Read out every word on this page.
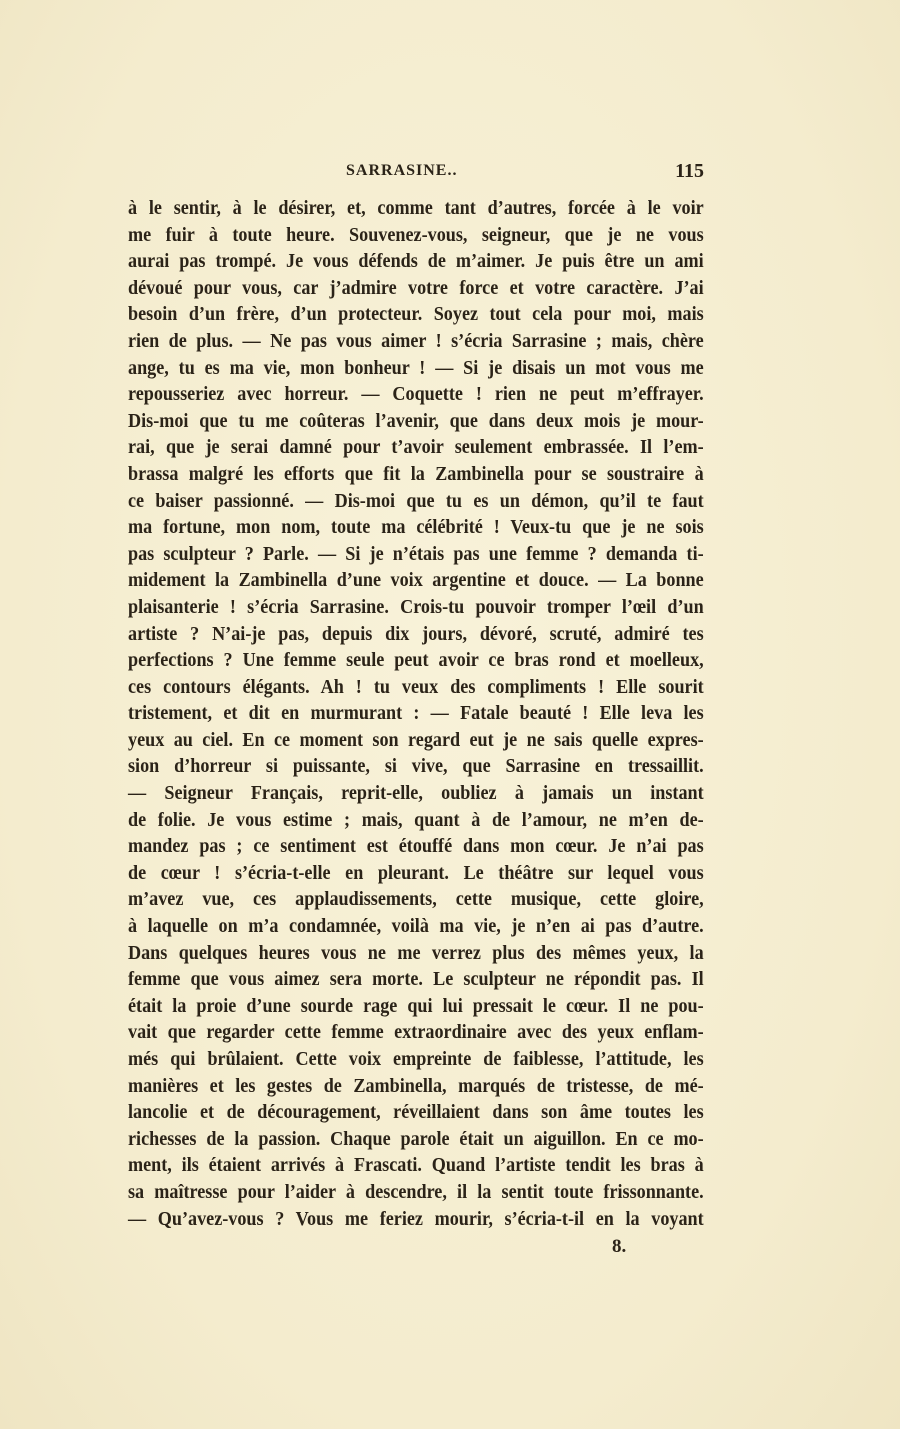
SARRASINE..	115
à le sentir, à le désirer, et, comme tant d’autres, forcée à le voir
me fuir à toute heure. Souvenez-vous, seigneur, que je ne vous
aurai pas trompé. Je vous défends de m’aimer. Je puis être un ami
dévoué pour vous, car j’admire votre force et votre caractère. J’ai
besoin d’un frère, d’un protecteur. Soyez tout cela pour moi, mais
rien de plus. — Ne pas vous aimer ! s’écria Sarrasine ; mais, chère
ange, tu es ma vie, mon bonheur ! — Si je disais un mot vous me
repousseriez avec horreur. — Coquette ! rien ne peut m’effrayer.
Dis-moi que tu me coûteras l’avenir, que dans deux mois je mour-
rai, que je serai damné pour t’avoir seulement embrassée. Il l’em-
brassa malgré les efforts que fit la Zambinella pour se soustraire à
ce baiser passionné. — Dis-moi que tu es un démon, qu’il te faut
ma fortune, mon nom, toute ma célébrité ! Veux-tu que je ne sois
pas sculpteur ? Parle. — Si je n’étais pas une femme ? demanda ti-
midement la Zambinella d’une voix argentine et douce. — La bonne
plaisanterie ! s’écria Sarrasine. Crois-tu pouvoir tromper l’œil d’un
artiste ? N’ai-je pas, depuis dix jours, dévoré, scruté, admiré tes
perfections ? Une femme seule peut avoir ce bras rond et moelleux,
ces contours élégants. Ah ! tu veux des compliments ! Elle sourit
tristement, et dit en murmurant : — Fatale beauté ! Elle leva les
yeux au ciel. En ce moment son regard eut je ne sais quelle expres-
sion d’horreur si puissante, si vive, que Sarrasine en tressaillit.
— Seigneur Français, reprit-elle, oubliez à jamais un instant
de folie. Je vous estime ; mais, quant à de l’amour, ne m’en de-
mandez pas ; ce sentiment est étouffé dans mon cœur. Je n’ai pas
de cœur ! s’écria-t-elle en pleurant. Le théâtre sur lequel vous
m’avez vue, ces applaudissements, cette musique, cette gloire,
à laquelle on m’a condamnée, voilà ma vie, je n’en ai pas d’autre.
Dans quelques heures vous ne me verrez plus des mêmes yeux, la
femme que vous aimez sera morte. Le sculpteur ne répondit pas. Il
était la proie d’une sourde rage qui lui pressait le cœur. Il ne pou-
vait que regarder cette femme extraordinaire avec des yeux enflam-
més qui brûlaient. Cette voix empreinte de faiblesse, l’attitude, les
manières et les gestes de Zambinella, marqués de tristesse, de mé-
lancolie et de découragement, réveillaient dans son âme toutes les
richesses de la passion. Chaque parole était un aiguillon. En ce mo-
ment, ils étaient arrivés à Frascati. Quand l’artiste tendit les bras à
sa maîtresse pour l’aider à descendre, il la sentit toute frissonnante.
— Qu’avez-vous ? Vous me feriez mourir, s’écria-t-il en la voyant
8.
